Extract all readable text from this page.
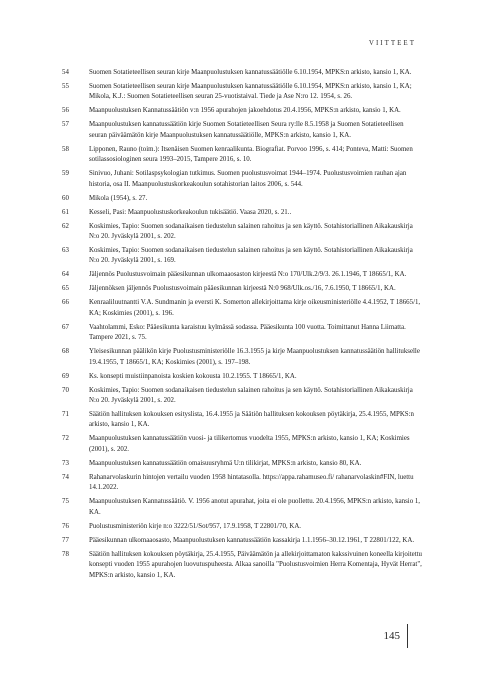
VIITTEET
54	Suomen Sotatieteellisen seuran kirje Maanpuolustuksen kannatussäätiölle 6.10.1954, MPKS:n arkisto, kansio 1, KA.
55	Suomen Sotatieteellisen seuran kirje Maanpuolustuksen kannatussäätiölle 6.10.1954, MPKS:n arkisto, kansio 1, KA; Mikola, K.J.: Suomen Sotatieteellisen seuran 25-vuotistaival. Tiede ja Ase N:ro 12. 1954, s. 26.
56	Maanpuolustuksen Kannatussäätiön v:n 1956 apurahojen jakoehdotus 20.4.1956, MPKS:n arkisto, kansio 1, KA.
57	Maanpuolustuksen kannatussäätiön kirje Suomen Sotatieteellisen Seura ry:lle 8.5.1958 ja Suomen Sotatieteellisen seuran päiväämätön kirje Maanpuolustuksen kannatussäätiölle, MPKS:n arkisto, kansio 1, KA.
58	Lipponen, Rauno (toim.): Itsenäisen Suomen kenraalikunta. Biografiat. Porvoo 1996, s. 414; Ponteva, Matti: Suomen sotilassosiologinen seura 1993–2015, Tampere 2016, s. 10.
59	Sinivuo, Juhani: Sotilaspsykologian tutkimus. Suomen puolustusvoimat 1944–1974. Puolustusvoimien rauhan ajan historia, osa II. Maanpuolustuskorkeakoulun sotahistorian laitos 2006, s. 544.
60	Mikola (1954), s. 27.
61	Kesseli, Pasi: Maanpuolustuskorkeakoulun tukisäätiö. Vaasa 2020, s. 21..
62	Koskimies, Tapio: Suomen sodanaikaisen tiedustelun salainen rahoitus ja sen käyttö. Sotahistoriallinen Aikakauskirja N:o 20. Jyväskylä 2001, s. 202.
63	Koskimies, Tapio: Suomen sodanaikaisen tiedustelun salainen rahoitus ja sen käyttö. Sotahistoriallinen Aikakauskirja N:o 20. Jyväskylä 2001, s. 169.
64	Jäljennös Puolustusvoimain pääesikunnan ulkomaaosaston kirjeestä N:o 170/Ulk.2/9/3. 26.1.1946, T 18665/1, KA.
65	Jäljennöksen jäljennös Puolustusvoimain pääesikunnan kirjeestä N:0 968/Ulk.os./16, 7.6.1950, T 18665/1, KA.
66	Kenraaliluutnantti V.A. Sundmanin ja eversti K. Somerton allekirjoittama kirje oikeusministeriölle 4.4.1952, T 18665/1, KA; Koskimies (2001), s. 196.
67	Vaahtolammi, Esko: Pääesikunta karaistuu kylmässä sodassa. Pääesikunta 100 vuotta. Toimittanut Hanna Liimatta. Tampere 2021, s. 75.
68	Yleisesikunnan päälikön kirje Puolustusministeriölle 16.3.1955 ja kirje Maanpuolustuksen kannatussäätiön hallitukselle 19.4.1955, T 18665/1, KA; Koskimies (2001), s. 197–198.
69	Ks. konsepti muistiinpanoista koskien kokousta 10.2.1955. T 18665/1, KA.
70	Koskimies, Tapio: Suomen sodanaikaisen tiedustelun salainen rahoitus ja sen käyttö. Sotahistoriallinen Aikakauskirja N:o 20. Jyväskylä 2001, s. 202.
71	Säätiön hallituksen kokouksen esityslista, 16.4.1955 ja Säätiön hallituksen kokouksen pöytäkirja, 25.4.1955, MPKS:n arkisto, kansio 1, KA.
72	Maanpuolustuksen kannatussäätiön vuosi- ja tilikertomus vuodelta 1955, MPKS:n arkisto, kansio 1, KA; Koskimies (2001), s. 202.
73	Maanpuolustuksen kannatussäätiön omaisuusryhmä U:n tilikirjat, MPKS:n arkisto, kansio 80, KA.
74	Rahanarvolaskurin hintojen vertailu vuoden 1958 hintatasolla. https://appa.rahamuseo.fi/ rahanarvolaskin#FIN, luettu 14.1.2022.
75	Maanpuolustuksen Kannatussäätiö. V. 1956 anotut apurahat, joita ei ole puollettu. 20.4.1956, MPKS:n arkisto, kansio 1, KA.
76	Puolustusministeriön kirje n:o 3222/51/Sot/957, 17.9.1958, T 22801/70, KA.
77	Pääesikunnan ulkomaaosasto, Maanpuolustuksen kannatussäätiön kassakirja 1.1.1956–30.12.1961, T 22801/122, KA.
78	Säätiön hallituksen kokouksen pöytäkirja, 25.4.1955, Päiväämätön ja allekirjoittamaton kakssivuinen koneella kirjoitettu konsepti vuoden 1955 apurahojen luovutuspuheesta. Alkaa sanoilla "Puolustusvoimien Herra Komentaja, Hyvät Herrat", MPKS:n arkisto, kansio 1, KA.
145
